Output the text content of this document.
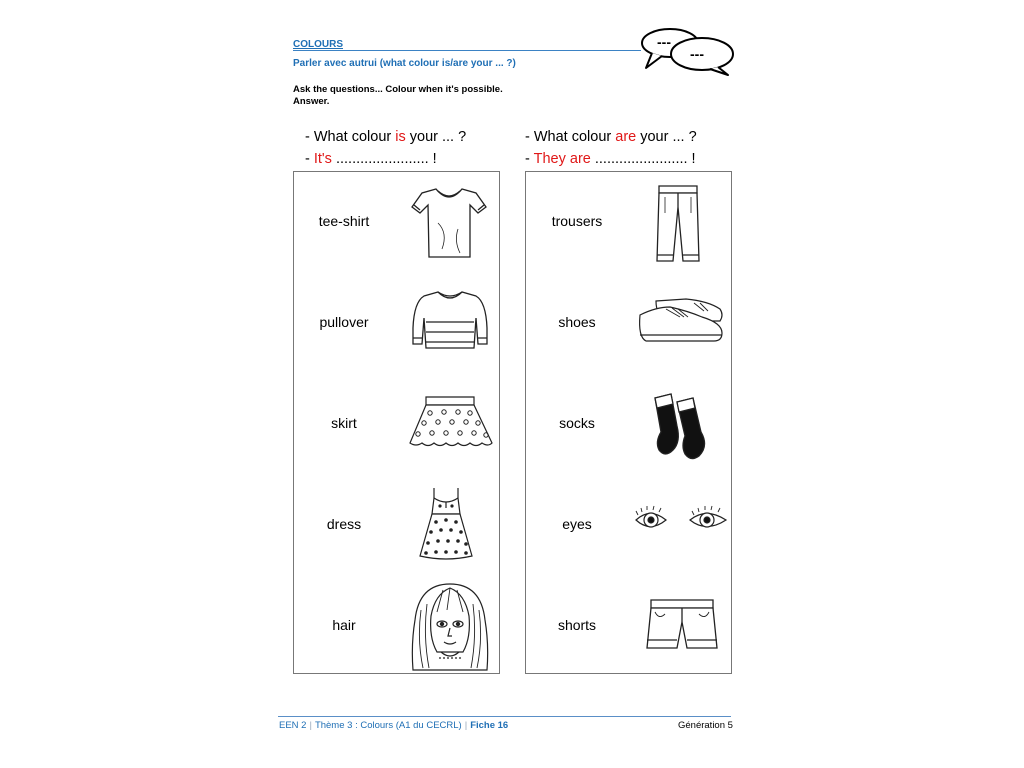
COLOURS
Parler avec autrui (what colour is/are your ... ?)
Ask the questions... Colour when it's possible.
Answer.
---
---
- What colour is your ... ?
- It's ....................... !
- What colour are your ... ?
- They are ....................... !
tee-shirt
pullover
skirt
dress
hair
trousers
shoes
socks
eyes
shorts
EEN 2 | Thème 3 : Colours (A1 du CECRL) | Fiche 16	Génération 5
